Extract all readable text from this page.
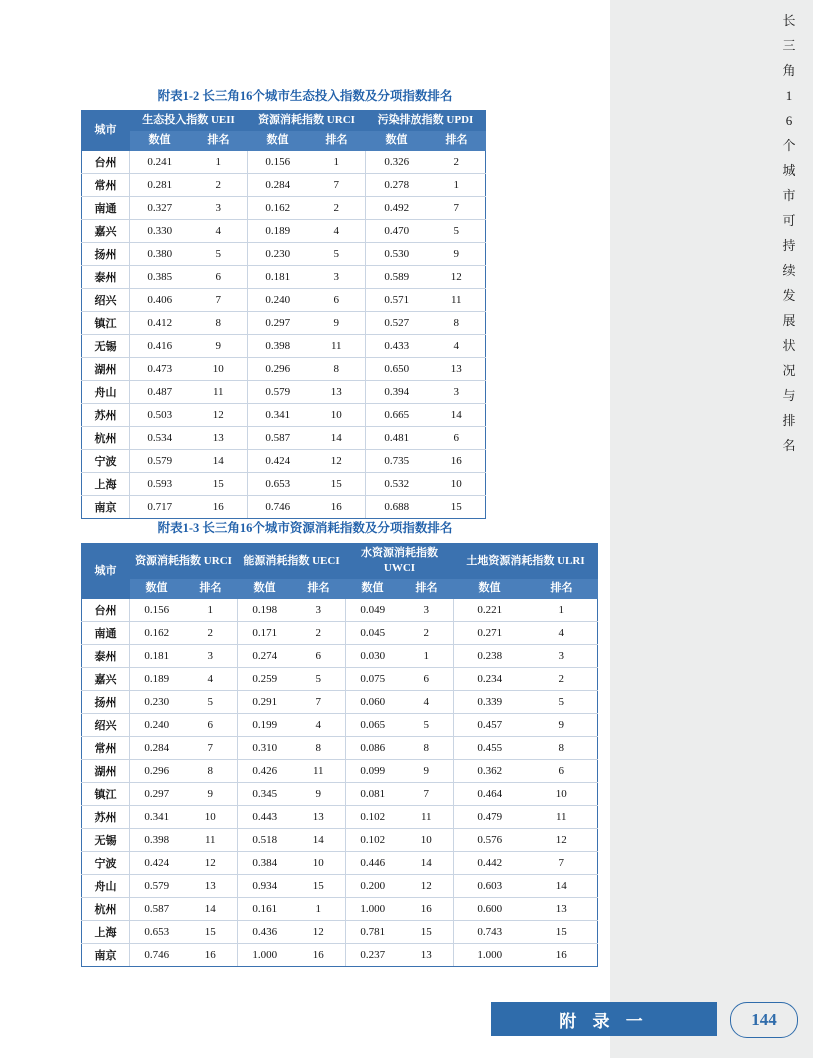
附表1-2 长三角16个城市生态投入指数及分项指数排名
城市	生态投入指数 UEII		资源消耗指数 URCI		污染排放指数 UPDI	
	数值	排名	数值	排名	数值	排名
台州	0.241	1	0.156	1	0.326	2
常州	0.281	2	0.284	7	0.278	1
南通	0.327	3	0.162	2	0.492	7
嘉兴	0.330	4	0.189	4	0.470	5
扬州	0.380	5	0.230	5	0.530	9
泰州	0.385	6	0.181	3	0.589	12
绍兴	0.406	7	0.240	6	0.571	11
镇江	0.412	8	0.297	9	0.527	8
无锡	0.416	9	0.398	11	0.433	4
湖州	0.473	10	0.296	8	0.650	13
舟山	0.487	11	0.579	13	0.394	3
苏州	0.503	12	0.341	10	0.665	14
杭州	0.534	13	0.587	14	0.481	6
宁波	0.579	14	0.424	12	0.735	16
上海	0.593	15	0.653	15	0.532	10
南京	0.717	16	0.746	16	0.688	15
附表1-3 长三角16个城市资源消耗指数及分项指数排名
城市	资源消耗指数 URCI		能源消耗指数 UECI		水资源消耗指数 UWCI		土地资源消耗指数 ULRI	
	数值	排名	数值	排名	数值	排名	数值	排名
台州	0.156	1	0.198	3	0.049	3	0.221	1
南通	0.162	2	0.171	2	0.045	2	0.271	4
泰州	0.181	3	0.274	6	0.030	1	0.238	3
嘉兴	0.189	4	0.259	5	0.075	6	0.234	2
扬州	0.230	5	0.291	7	0.060	4	0.339	5
绍兴	0.240	6	0.199	4	0.065	5	0.457	9
常州	0.284	7	0.310	8	0.086	8	0.455	8
湖州	0.296	8	0.426	11	0.099	9	0.362	6
镇江	0.297	9	0.345	9	0.081	7	0.464	10
苏州	0.341	10	0.443	13	0.102	11	0.479	11
无锡	0.398	11	0.518	14	0.102	10	0.576	12
宁波	0.424	12	0.384	10	0.446	14	0.442	7
舟山	0.579	13	0.934	15	0.200	12	0.603	14
杭州	0.587	14	0.161	1	1.000	16	0.600	13
上海	0.653	15	0.436	12	0.781	15	0.743	15
南京	0.746	16	1.000	16	0.237	13	1.000	16
长
三
角
1
6
个
城
市
可
持
续
发
展
状
况
与
排
名
附 录 一	144
